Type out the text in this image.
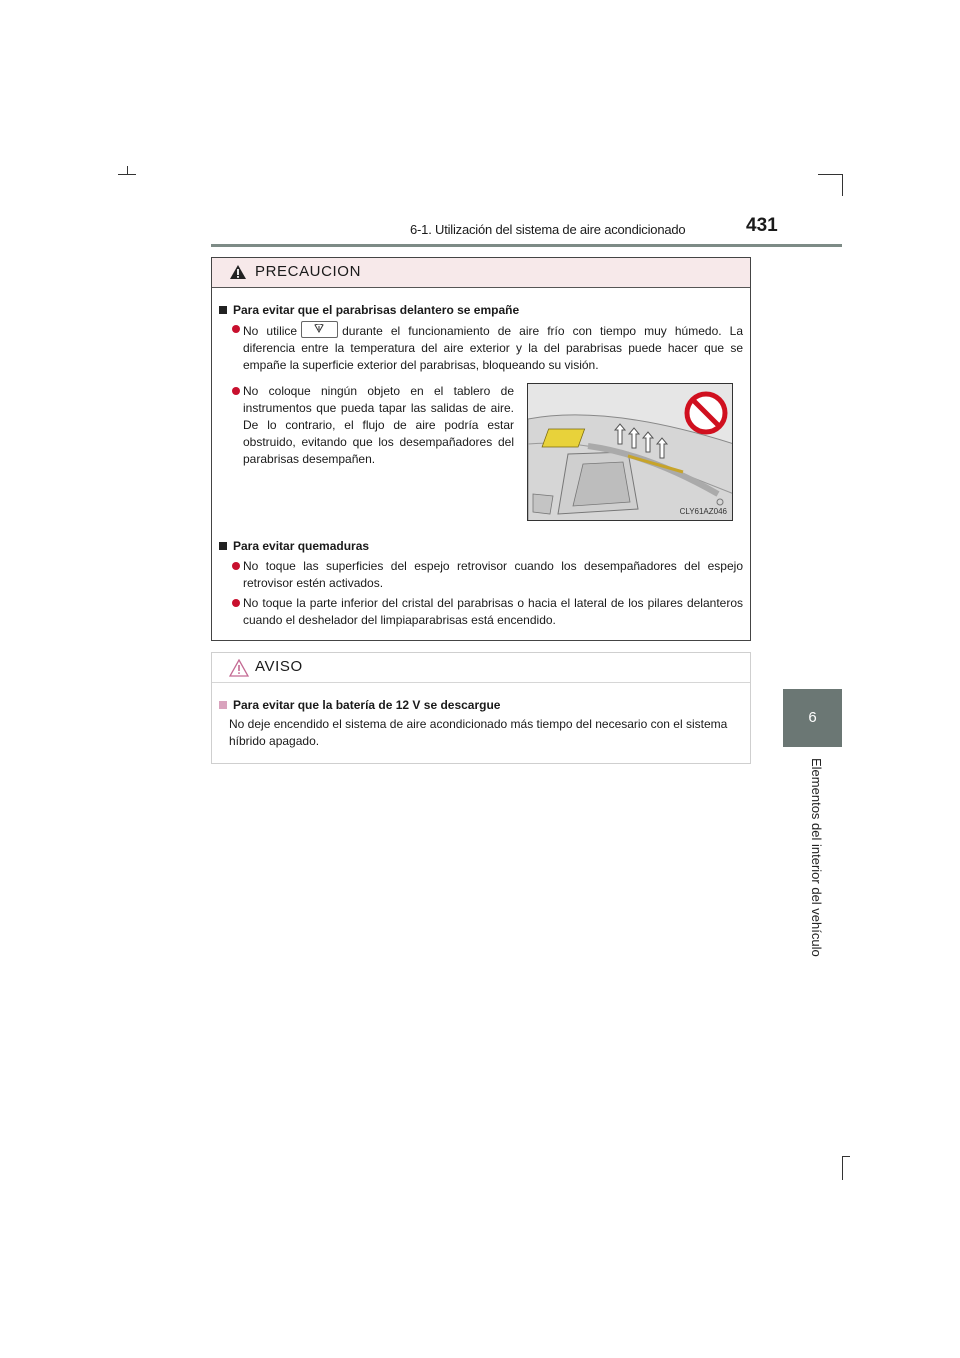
6-1. Utilización del sistema de aire acondicionado	431
6
Elementos del interior del vehículo
PRECAUCION
Para evitar que el parabrisas delantero se empañe

No utilice	durante el funcionamiento de aire frío con tiempo muy húmedo. La diferencia entre la temperatura del aire exterior y la del parabrisas puede hacer que se empañe la superficie exterior del parabrisas, bloqueando su visión.

No coloque ningún objeto en el tablero de instrumentos que pueda tapar las salidas de aire. De lo contrario, el flujo de aire podría estar obstruido, evitando que los desempañadores del parabrisas desempañen.

CLY61AZ046
Para evitar quemaduras

No toque las superficies del espejo retrovisor cuando los desempañadores del espejo retrovisor estén activados.

No toque la parte inferior del cristal del parabrisas o hacia el lateral de los pilares delanteros cuando el deshelador del limpiaparabrisas está encendido.

AVISO
Para evitar que la batería de 12 V se descargue
No deje encendido el sistema de aire acondicionado más tiempo del necesario con el sistema híbrido apagado.
